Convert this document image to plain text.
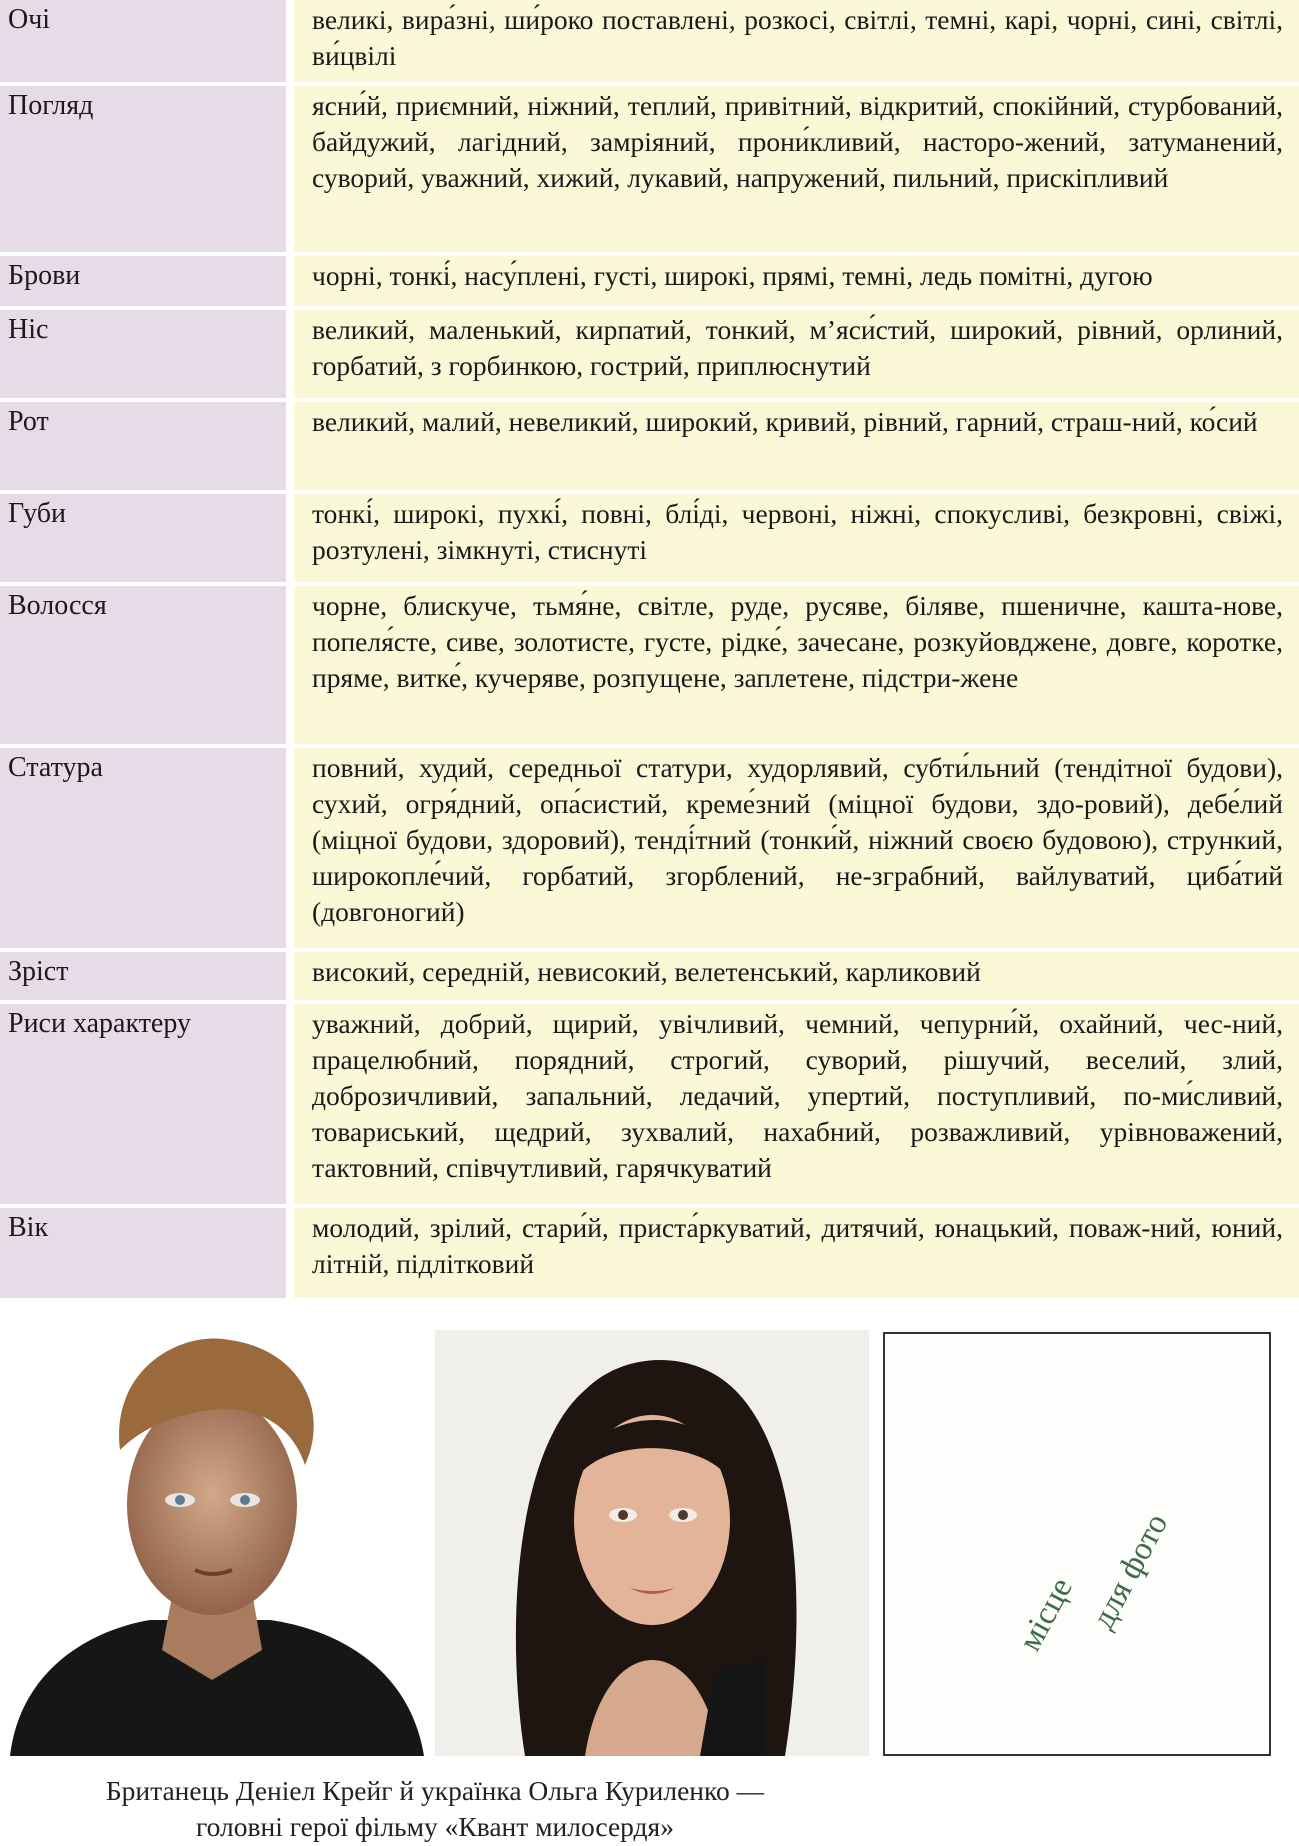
Очі	великі, вира́зні, ши́роко поставлені, розкосі, світлі, темні, карі, чорні, сині, світлі, ви́цвілі
Погляд	ясни́й, приємний, ніжний, теплий, привітний, відкритий, спокійний, стурбований, байдужий, лагідний, замріяний, прони́кливий, насторо-жений, затуманений, суворий, уважний, хижий, лукавий, напружений, пильний, прискіпливий
Брови	чорні, тонкі́, насу́плені, густі, широкі, прямі, темні, ледь помітні, дугою
Ніс	великий, маленький, кирпатий, тонкий, м’яси́стий, широкий, рівний, орлиний, горбатий, з горбинкою, гострий, приплюснутий
Рот	великий, малий, невеликий, широкий, кривий, рівний, гарний, страш-ний, ко́сий
Губи	тонкі́, широкі, пухкі́, повні, блі́ді, червоні, ніжні, спокусливі, безкровні, свіжі, розтулені, зімкнуті, стиснуті
Волосся	чорне, блискуче, тьмя́не, світле, руде, русяве, біляве, пшеничне, кашта-нове, попеля́сте, сиве, золотисте, густе, рідке́, зачесане, розкуйовджене, довге, коротке, пряме, витке́, кучеряве, розпущене, заплетене, підстри-жене
Статура	повний, худий, середньої статури, худорлявий, субти́льний (тендітної будови), сухий, огря́дний, опа́систий, креме́зний (міцної будови, здо-ровий), дебе́лий (міцної будови, здоровий), тенді́тний (тонки́й, ніжний своєю будовою), стрункий, широкопле́чий, горбатий, згорблений, не-зграбний, вайлуватий, циба́тий (довгоногий)
Зріст	високий, середній, невисокий, велетенський, карликовий
Риси характеру	уважний, добрий, щирий, увічливий, чемний, чепурни́й, охайний, чес-ний, працелюбний, порядний, строгий, суворий, рішучий, веселий, злий, доброзичливий, запальний, ледачий, упертий, поступливий, по-ми́сливий, товариський, щедрий, зухвалий, нахабний, розважливий, урівноважений, тактовний, співчутливий, гарячкуватий
Вік	молодий, зрілий, стари́й, приста́ркуватий, дитячий, юнацький, поваж-ний, юний, літній, підлітковий
місце для фото
Британець Деніел Крейг й українка Ольга Куриленко —
головні герої фільму «Квант милосердя»
